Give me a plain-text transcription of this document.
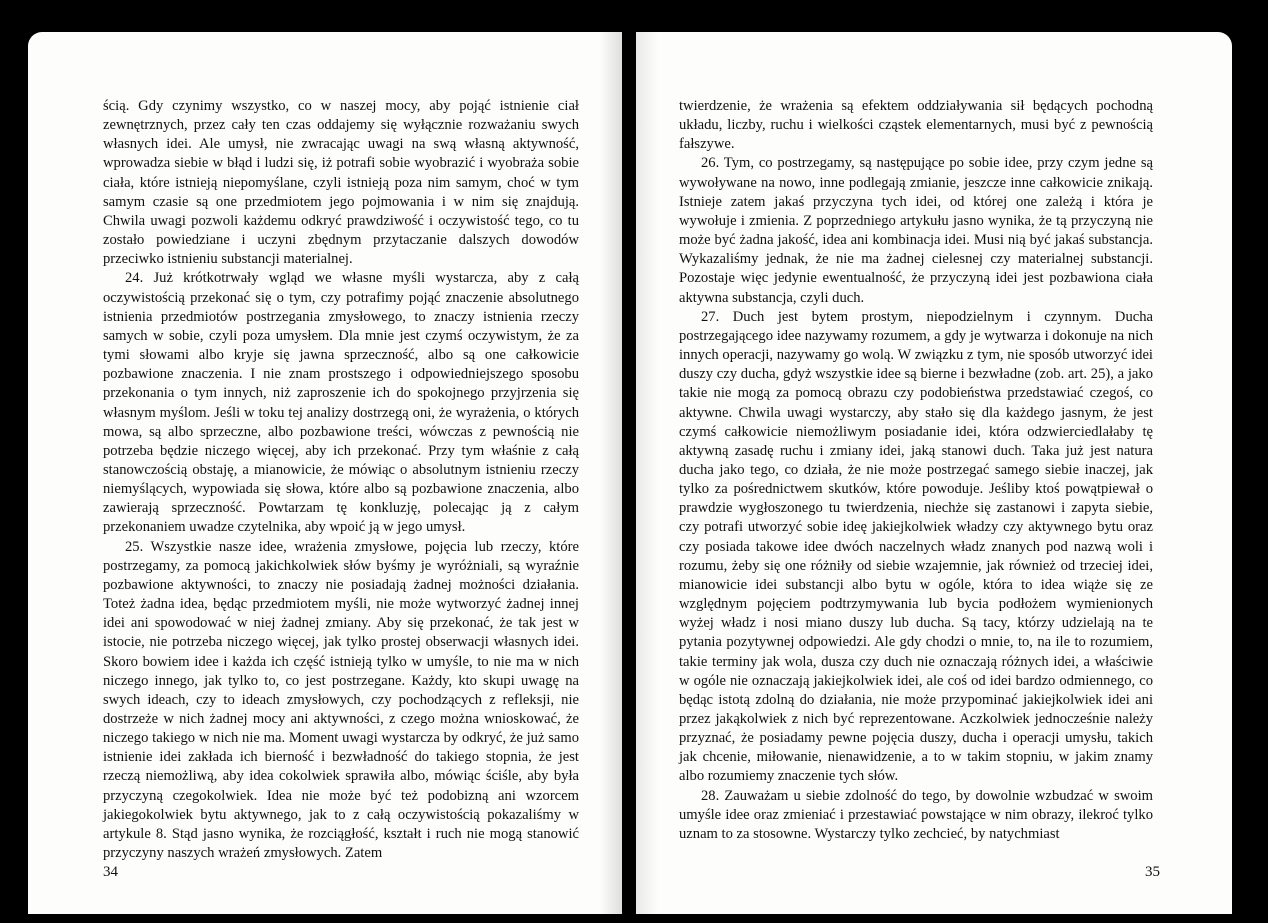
ścią. Gdy czynimy wszystko, co w naszej mocy, aby pojąć istnienie ciał zewnętrznych, przez cały ten czas oddajemy się wyłącznie rozważaniu swych własnych idei. Ale umysł, nie zwracając uwagi na swą własną aktywność, wprowadza siebie w błąd i ludzi się, iż potrafi sobie wyobrazić i wyobraża sobie ciała, które istnieją niepomyślane, czyli istnieją poza nim samym, choć w tym samym czasie są one przedmiotem jego pojmowania i w nim się znajdują. Chwila uwagi pozwoli każdemu odkryć prawdziwość i oczywistość tego, co tu zostało powiedziane i uczyni zbędnym przytaczanie dalszych dowodów przeciwko istnieniu substancji materialnej.

24. Już krótkotrwały wgląd we własne myśli wystarcza, aby z całą oczywistością przekonać się o tym, czy potrafimy pojąć znaczenie absolutnego istnienia przedmiotów postrzegania zmysłowego, to znaczy istnienia rzeczy samych w sobie, czyli poza umysłem. Dla mnie jest czymś oczywistym, że za tymi słowami albo kryje się jawna sprzeczność, albo są one całkowicie pozbawione znaczenia. I nie znam prostszego i odpowiedniejszego sposobu przekonania o tym innych, niż zaproszenie ich do spokojnego przyjrzenia się własnym myślom. Jeśli w toku tej analizy dostrzegą oni, że wyrażenia, o których mowa, są albo sprzeczne, albo pozbawione treści, wówczas z pewnością nie potrzeba będzie niczego więcej, aby ich przekonać. Przy tym właśnie z całą stanowczością obstaję, a mianowicie, że mówiąc o absolutnym istnieniu rzeczy niemyślących, wypowiada się słowa, które albo są pozbawione znaczenia, albo zawierają sprzeczność. Powtarzam tę konkluzję, polecając ją z całym przekonaniem uwadze czytelnika, aby wpoić ją w jego umysł.

25. Wszystkie nasze idee, wrażenia zmysłowe, pojęcia lub rzeczy, które postrzegamy, za pomocą jakichkolwiek słów byśmy je wyróżniali, są wyraźnie pozbawione aktywności, to znaczy nie posiadają żadnej możności działania. Toteż żadna idea, będąc przedmiotem myśli, nie może wytworzyć żadnej innej idei ani spowodować w niej żadnej zmiany. Aby się przekonać, że tak jest w istocie, nie potrzeba niczego więcej, jak tylko prostej obserwacji własnych idei. Skoro bowiem idee i każda ich część istnieją tylko w umyśle, to nie ma w nich niczego innego, jak tylko to, co jest postrzegane. Każdy, kto skupi uwagę na swych ideach, czy to ideach zmysłowych, czy pochodzących z refleksji, nie dostrzeże w nich żadnej mocy ani aktywności, z czego można wnioskować, że niczego takiego w nich nie ma. Moment uwagi wystarcza by odkryć, że już samo istnienie idei zakłada ich bierność i bezwładność do takiego stopnia, że jest rzeczą niemożliwą, aby idea cokolwiek sprawiła albo, mówiąc ściśle, aby była przyczyną czegokolwiek. Idea nie może być też podobizną ani wzorcem jakiegokolwiek bytu aktywnego, jak to z całą oczywistością pokazaliśmy w artykule 8. Stąd jasno wynika, że rozciągłość, kształt i ruch nie mogą stanowić przyczyny naszych wrażeń zmysłowych. Zatem

34

twierdzenie, że wrażenia są efektem oddziaływania sił będących pochodną układu, liczby, ruchu i wielkości cząstek elementarnych, musi być z pewnością fałszywe.

26. Tym, co postrzegamy, są następujące po sobie idee, przy czym jedne są wywoływane na nowo, inne podlegają zmianie, jeszcze inne całkowicie znikają. Istnieje zatem jakaś przyczyna tych idei, od której one zależą i która je wywołuje i zmienia. Z poprzedniego artykułu jasno wynika, że tą przyczyną nie może być żadna jakość, idea ani kombinacja idei. Musi nią być jakaś substancja. Wykazaliśmy jednak, że nie ma żadnej cielesnej czy materialnej substancji. Pozostaje więc jedynie ewentualność, że przyczyną idei jest pozbawiona ciała aktywna substancja, czyli duch.

27. Duch jest bytem prostym, niepodzielnym i czynnym. Ducha postrzegającego idee nazywamy rozumem, a gdy je wytwarza i dokonuje na nich innych operacji, nazywamy go wolą. W związku z tym, nie sposób utworzyć idei duszy czy ducha, gdyż wszystkie idee są bierne i bezwładne (zob. art. 25), a jako takie nie mogą za pomocą obrazu czy podobieństwa przedstawiać czegoś, co aktywne. Chwila uwagi wystarczy, aby stało się dla każdego jasnym, że jest czymś całkowicie niemożliwym posiadanie idei, która odzwierciedlałaby tę aktywną zasadę ruchu i zmiany idei, jaką stanowi duch. Taka już jest natura ducha jako tego, co działa, że nie może postrzegać samego siebie inaczej, jak tylko za pośrednictwem skutków, które powoduje. Jeśliby ktoś powątpiewał o prawdzie wygłoszonego tu twierdzenia, niechże się zastanowi i zapyta siebie, czy potrafi utworzyć sobie ideę jakiejkolwiek władzy czy aktywnego bytu oraz czy posiada takowe idee dwóch naczelnych władz znanych pod nazwą woli i rozumu, żeby się one różniły od siebie wzajemnie, jak również od trzeciej idei, mianowicie idei substancji albo bytu w ogóle, która to idea wiąże się ze względnym pojęciem podtrzymywania lub bycia podłożem wymienionych wyżej władz i nosi miano duszy lub ducha. Są tacy, którzy udzielają na te pytania pozytywnej odpowiedzi. Ale gdy chodzi o mnie, to, na ile to rozumiem, takie terminy jak wola, dusza czy duch nie oznaczają różnych idei, a właściwie w ogóle nie oznaczają jakiejkolwiek idei, ale coś od idei bardzo odmiennego, co będąc istotą zdolną do działania, nie może przypominać jakiejkolwiek idei ani przez jakąkolwiek z nich być reprezentowane. Aczkolwiek jednocześnie należy przyznać, że posiadamy pewne pojęcia duszy, ducha i operacji umysłu, takich jak chcenie, miłowanie, nienawidzenie, a to w takim stopniu, w jakim znamy albo rozumiemy znaczenie tych słów.

28. Zauważam u siebie zdolność do tego, by dowolnie wzbudzać w swoim umyśle idee oraz zmieniać i przestawiać powstające w nim obrazy, ilekroć tylko uznam to za stosowne. Wystarczy tylko zechcieć, by natychmiast

35
